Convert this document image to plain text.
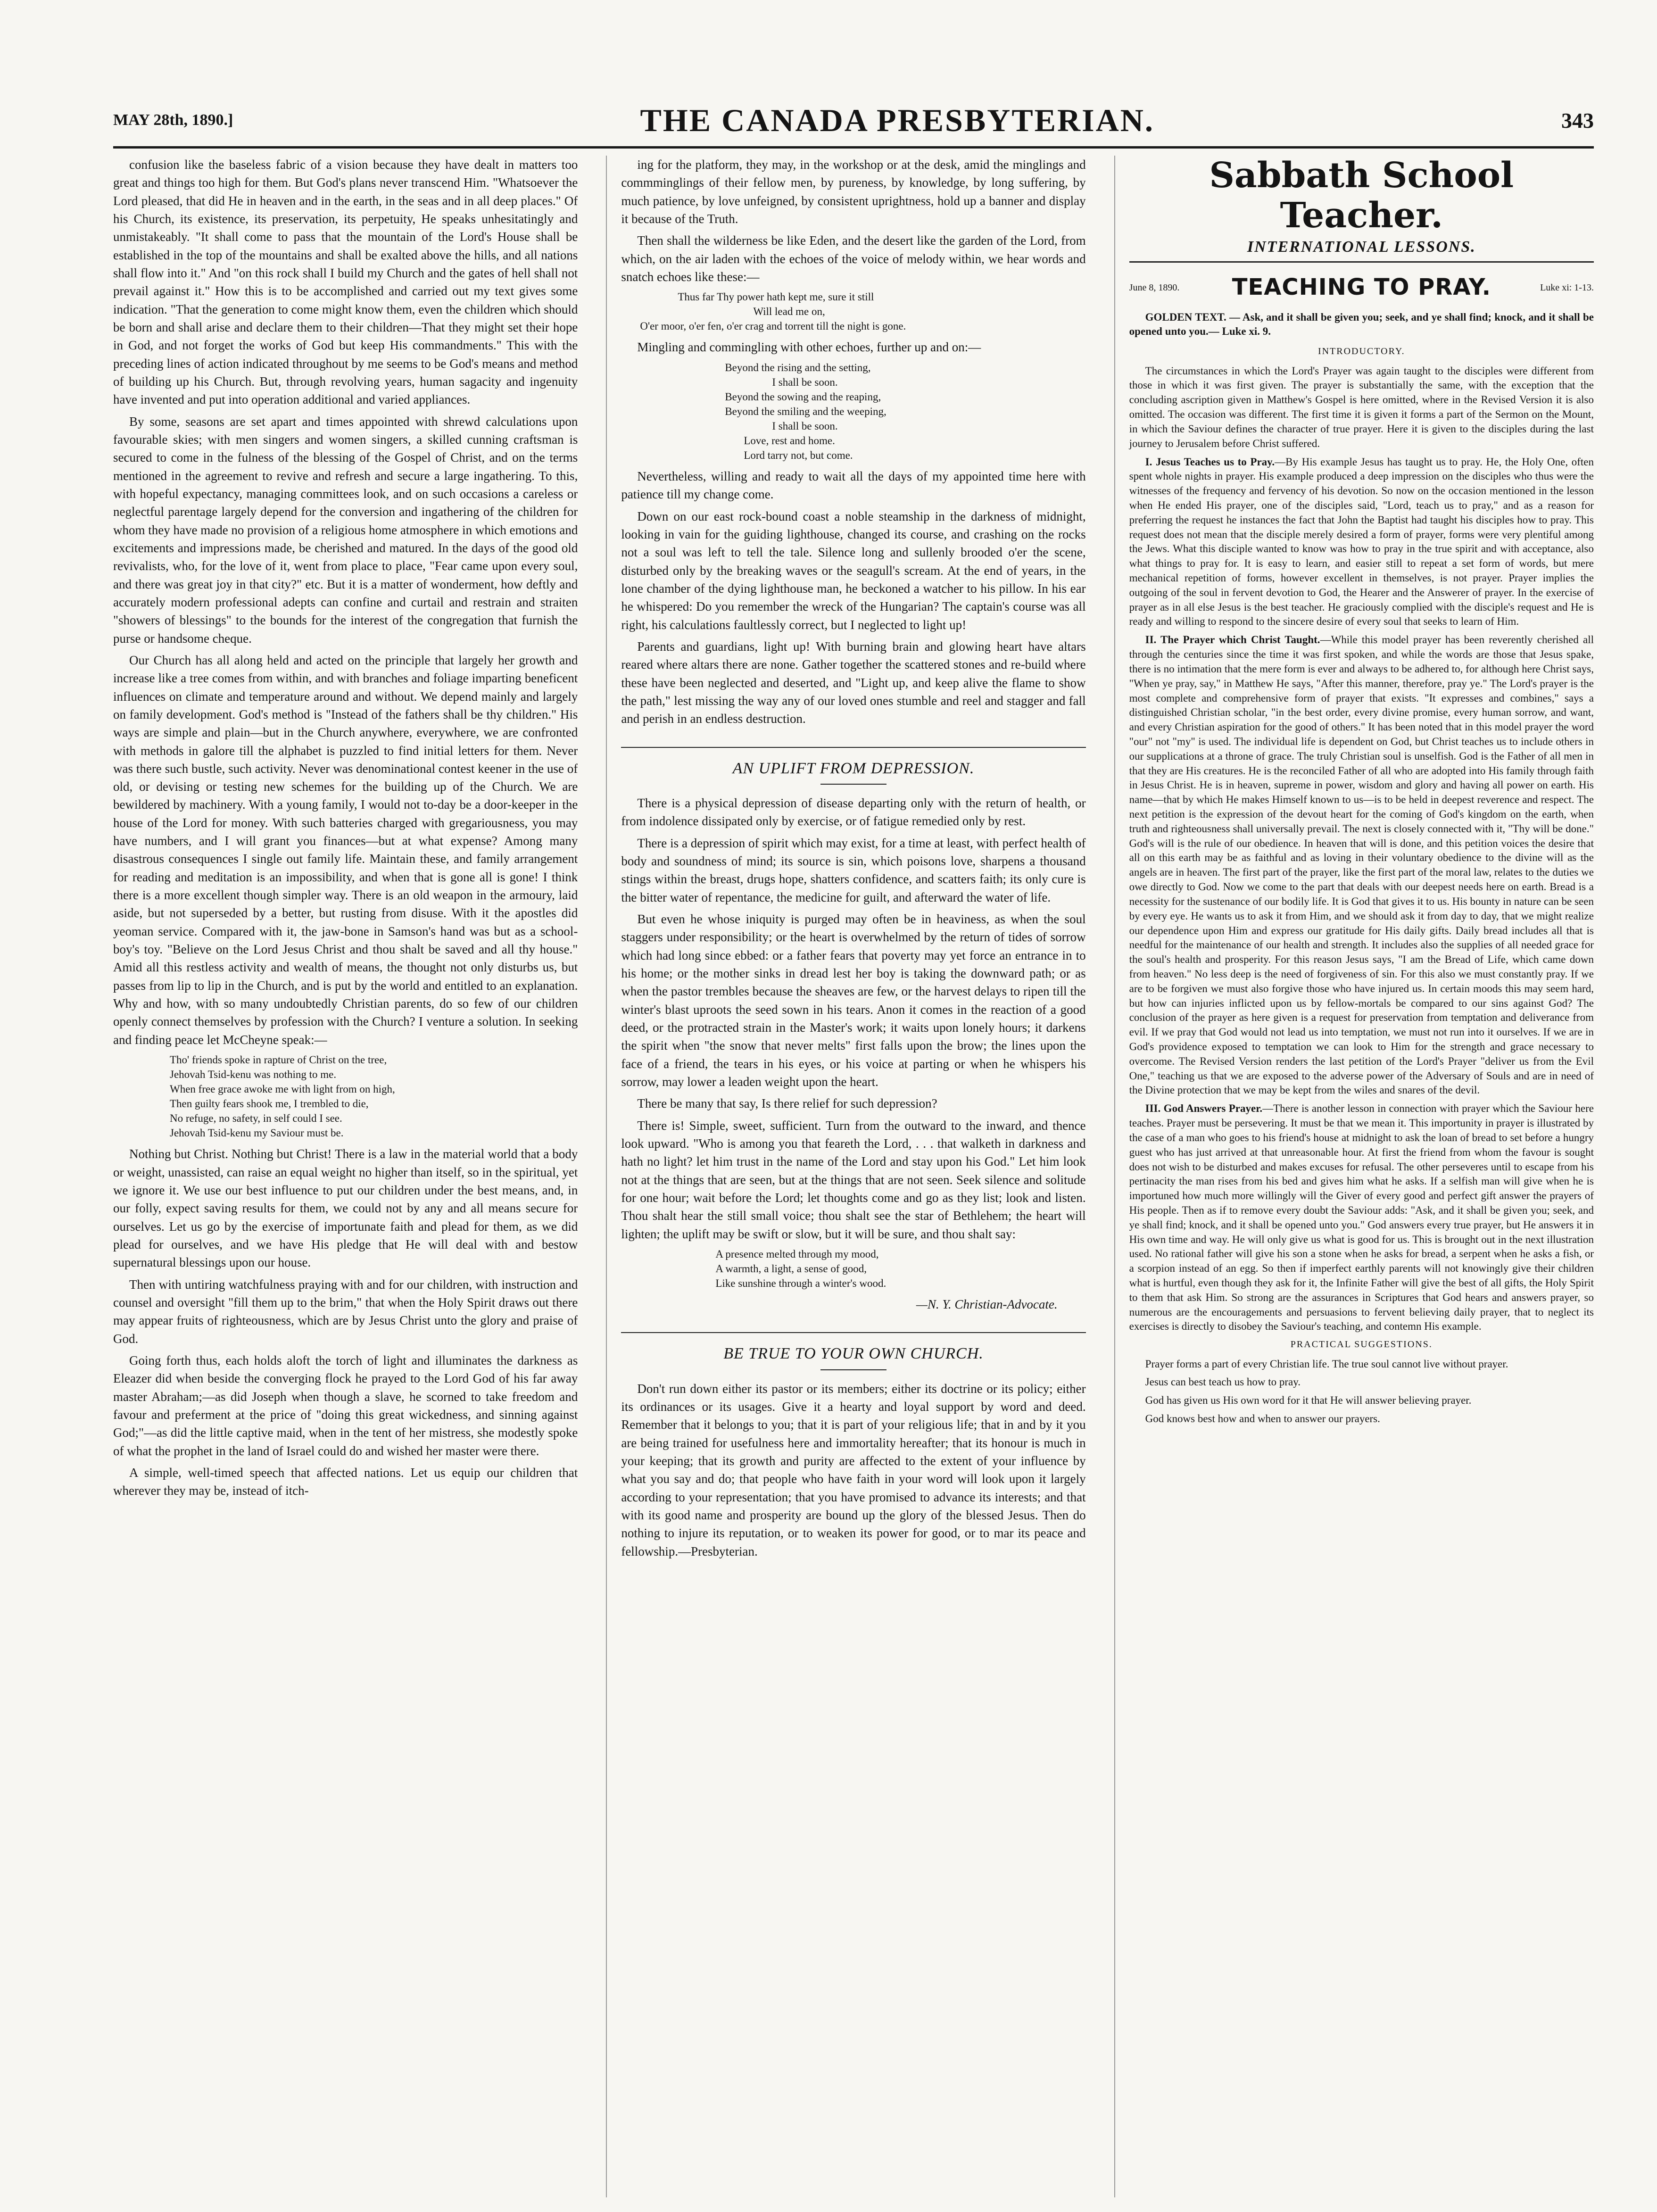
MAY 28th, 1890.]	THE CANADA PRESBYTERIAN.	343

confusion like the baseless fabric of a vision because they have dealt in matters too great and things too high for them. But God's plans never transcend Him. "Whatsoever the Lord pleased, that did He in heaven and in the earth, in the seas and in all deep places." Of his Church, its existence, its preservation, its perpetuity, He speaks unhesitatingly and unmistakeably. "It shall come to pass that the mountain of the Lord's House shall be established in the top of the mountains and shall be exalted above the hills, and all nations shall flow into it." And "on this rock shall I build my Church and the gates of hell shall not prevail against it." How this is to be accomplished and carried out my text gives some indication. "That the generation to come might know them, even the children which should be born and shall arise and declare them to their children—That they might set their hope in God, and not forget the works of God but keep His commandments." This with the preceding lines of action indicated throughout by me seems to be God's means and method of building up his Church. But, through revolving years, human sagacity and ingenuity have invented and put into operation additional and varied appliances.

By some, seasons are set apart and times appointed with shrewd calculations upon favourable skies; with men singers and women singers, a skilled cunning craftsman is secured to come in the fulness of the blessing of the Gospel of Christ, and on the terms mentioned in the agreement to revive and refresh and secure a large ingathering. To this, with hopeful expectancy, managing committees look, and on such occasions a careless or neglectful parentage largely depend for the conversion and ingathering of the children for whom they have made no provision of a religious home atmosphere in which emotions and excitements and impressions made, be cherished and matured. In the days of the good old revivalists, who, for the love of it, went from place to place, "Fear came upon every soul, and there was great joy in that city?" etc. But it is a matter of wonderment, how deftly and accurately modern professional adepts can confine and curtail and restrain and straiten "showers of blessings" to the bounds for the interest of the congregation that furnish the purse or handsome cheque.

Our Church has all along held and acted on the principle that largely her growth and increase like a tree comes from within, and with branches and foliage imparting beneficent influences on climate and temperature around and without. We depend mainly and largely on family development. God's method is "Instead of the fathers shall be thy children." His ways are simple and plain—but in the Church anywhere, everywhere, we are confronted with methods in galore till the alphabet is puzzled to find initial letters for them. Never was there such bustle, such activity. Never was denominational contest keener in the use of old, or devising or testing new schemes for the building up of the Church. We are bewildered by machinery. With a young family, I would not to-day be a door-keeper in the house of the Lord for money. With such batteries charged with gregariousness, you may have numbers, and I will grant you finances—but at what expense? Among many disastrous consequences I single out family life. Maintain these, and family arrangement for reading and meditation is an impossibility, and when that is gone all is gone! I think there is a more excellent though simpler way. There is an old weapon in the armoury, laid aside, but not superseded by a better, but rusting from disuse. With it the apostles did yeoman service. Compared with it, the jaw-bone in Samson's hand was but as a school-boy's toy. "Believe on the Lord Jesus Christ and thou shalt be saved and all thy house." Amid all this restless activity and wealth of means, the thought not only disturbs us, but passes from lip to lip in the Church, and is put by the world and entitled to an explanation. Why and how, with so many undoubtedly Christian parents, do so few of our children openly connect themselves by profession with the Church? I venture a solution. In seeking and finding peace let McCheyne speak:—

Tho' friends spoke in rapture of Christ on the tree,
Jehovah Tsid-kenu was nothing to me.
When free grace awoke me with light from on high,
Then guilty fears shook me, I trembled to die,
No refuge, no safety, in self could I see.
Jehovah Tsid-kenu my Saviour must be.

Nothing but Christ. Nothing but Christ! There is a law in the material world that a body or weight, unassisted, can raise an equal weight no higher than itself, so in the spiritual, yet we ignore it. We use our best influence to put our children under the best means, and, in our folly, expect saving results for them, we could not by any and all means secure for ourselves. Let us go by the exercise of importunate faith and plead for them, as we did plead for ourselves, and we have His pledge that He will deal with and bestow supernatural blessings upon our house.

Then with untiring watchfulness praying with and for our children, with instruction and counsel and oversight "fill them up to the brim," that when the Holy Spirit draws out there may appear fruits of righteousness, which are by Jesus Christ unto the glory and praise of God.

Going forth thus, each holds aloft the torch of light and illuminates the darkness as Eleazer did when beside the converging flock he prayed to the Lord God of his far away master Abraham;—as did Joseph when though a slave, he scorned to take freedom and favour and preferment at the price of "doing this great wickedness, and sinning against God;"—as did the little captive maid, when in the tent of her mistress, she modestly spoke of what the prophet in the land of Israel could do and wished her master were there.

A simple, well-timed speech that affected nations. Let us equip our children that wherever they may be, instead of itch-

ing for the platform, they may, in the workshop or at the desk, amid the minglings and commminglings of their fellow men, by pureness, by knowledge, by long suffering, by much patience, by love unfeigned, by consistent uprightness, hold up a banner and display it because of the Truth.

Then shall the wilderness be like Eden, and the desert like the garden of the Lord, from which, on the air laden with the echoes of the voice of melody within, we hear words and snatch echoes like these:—

Thus far Thy power hath kept me, sure it still
Will lead me on,
O'er moor, o'er fen, o'er crag and torrent till the night is gone.

Mingling and commingling with other echoes, further up and on:—

Beyond the rising and the setting,
I shall be soon.
Beyond the sowing and the reaping,
Beyond the smiling and the weeping,
I shall be soon.
Love, rest and home.
Lord tarry not, but come.

Nevertheless, willing and ready to wait all the days of my appointed time here with patience till my change come.

Down on our east rock-bound coast a noble steamship in the darkness of midnight, looking in vain for the guiding lighthouse, changed its course, and crashing on the rocks not a soul was left to tell the tale. Silence long and sullenly brooded o'er the scene, disturbed only by the breaking waves or the seagull's scream. At the end of years, in the lone chamber of the dying lighthouse man, he beckoned a watcher to his pillow. In his ear he whispered: Do you remember the wreck of the Hungarian? The captain's course was all right, his calculations faultlessly correct, but I neglected to light up!

Parents and guardians, light up! With burning brain and glowing heart have altars reared where altars there are none. Gather together the scattered stones and re-build where these have been neglected and deserted, and "Light up, and keep alive the flame to show the path," lest missing the way any of our loved ones stumble and reel and stagger and fall and perish in an endless destruction.

AN UPLIFT FROM DEPRESSION.

There is a physical depression of disease departing only with the return of health, or from indolence dissipated only by exercise, or of fatigue remedied only by rest.

There is a depression of spirit which may exist, for a time at least, with perfect health of body and soundness of mind; its source is sin, which poisons love, sharpens a thousand stings within the breast, drugs hope, shatters confidence, and scatters faith; its only cure is the bitter water of repentance, the medicine for guilt, and afterward the water of life.

But even he whose iniquity is purged may often be in heaviness, as when the soul staggers under responsibility; or the heart is overwhelmed by the return of tides of sorrow which had long since ebbed: or a father fears that poverty may yet force an entrance in to his home; or the mother sinks in dread lest her boy is taking the downward path; or as when the pastor trembles because the sheaves are few, or the harvest delays to ripen till the winter's blast uproots the seed sown in his tears. Anon it comes in the reaction of a good deed, or the protracted strain in the Master's work; it waits upon lonely hours; it darkens the spirit when "the snow that never melts" first falls upon the brow; the lines upon the face of a friend, the tears in his eyes, or his voice at parting or when he whispers his sorrow, may lower a leaden weight upon the heart.

There be many that say, Is there relief for such depression?

There is! Simple, sweet, sufficient. Turn from the outward to the inward, and thence look upward. "Who is among you that feareth the Lord, . . . that walketh in darkness and hath no light? let him trust in the name of the Lord and stay upon his God." Let him look not at the things that are seen, but at the things that are not seen. Seek silence and solitude for one hour; wait before the Lord; let thoughts come and go as they list; look and listen. Thou shalt hear the still small voice; thou shalt see the star of Bethlehem; the heart will lighten; the uplift may be swift or slow, but it will be sure, and thou shalt say:

A presence melted through my mood,
A warmth, a light, a sense of good,
Like sunshine through a winter's wood.
—N. Y. Christian-Advocate.
BE TRUE TO YOUR OWN CHURCH.

Don't run down either its pastor or its members; either its doctrine or its policy; either its ordinances or its usages. Give it a hearty and loyal support by word and deed. Remember that it belongs to you; that it is part of your religious life; that in and by it you are being trained for usefulness here and immortality hereafter; that its honour is much in your keeping; that its growth and purity are affected to the extent of your influence by what you say and do; that people who have faith in your word will look upon it largely according to your representation; that you have promised to advance its interests; and that with its good name and prosperity are bound up the glory of the blessed Jesus. Then do nothing to injure its reputation, or to weaken its power for good, or to mar its peace and fellowship.—Presbyterian.

Sabbath School Teacher.
INTERNATIONAL LESSONS.
June 8, 1890.	TEACHING TO PRAY.	Luke xi: 1-13.

GOLDEN TEXT. — Ask, and it shall be given you; seek, and ye shall find; knock, and it shall be opened unto you.— Luke xi. 9.

INTRODUCTORY.

The circumstances in which the Lord's Prayer was again taught to the disciples were different from those in which it was first given. The prayer is substantially the same, with the exception that the concluding ascription given in Matthew's Gospel is here omitted, where in the Revised Version it is also omitted. The occasion was different. The first time it is given it forms a part of the Sermon on the Mount, in which the Saviour defines the character of true prayer. Here it is given to the disciples during the last journey to Jerusalem before Christ suffered.

I. Jesus Teaches us to Pray.—By His example Jesus has taught us to pray. He, the Holy One, often spent whole nights in prayer. His example produced a deep impression on the disciples who thus were the witnesses of the frequency and fervency of his devotion. So now on the occasion mentioned in the lesson when He ended His prayer, one of the disciples said, "Lord, teach us to pray," and as a reason for preferring the request he instances the fact that John the Baptist had taught his disciples how to pray. This request does not mean that the disciple merely desired a form of prayer, forms were very plentiful among the Jews. What this disciple wanted to know was how to pray in the true spirit and with acceptance, also what things to pray for. It is easy to learn, and easier still to repeat a set form of words, but mere mechanical repetition of forms, however excellent in themselves, is not prayer. Prayer implies the outgoing of the soul in fervent devotion to God, the Hearer and the Answerer of prayer. In the exercise of prayer as in all else Jesus is the best teacher. He graciously complied with the disciple's request and He is ready and willing to respond to the sincere desire of every soul that seeks to learn of Him.

II. The Prayer which Christ Taught.—While this model prayer has been reverently cherished all through the centuries since the time it was first spoken, and while the words are those that Jesus spake, there is no intimation that the mere form is ever and always to be adhered to, for although here Christ says, "When ye pray, say," in Matthew He says, "After this manner, therefore, pray ye." The Lord's prayer is the most complete and comprehensive form of prayer that exists. "It expresses and combines," says a distinguished Christian scholar, "in the best order, every divine promise, every human sorrow, and want, and every Christian aspiration for the good of others." It has been noted that in this model prayer the word "our" not "my" is used. The individual life is dependent on God, but Christ teaches us to include others in our supplications at a throne of grace. The truly Christian soul is unselfish. God is the Father of all men in that they are His creatures. He is the reconciled Father of all who are adopted into His family through faith in Jesus Christ. He is in heaven, supreme in power, wisdom and glory and having all power on earth. His name—that by which He makes Himself known to us—is to be held in deepest reverence and respect. The next petition is the expression of the devout heart for the coming of God's kingdom on the earth, when truth and righteousness shall universally prevail. The next is closely connected with it, "Thy will be done." God's will is the rule of our obedience. In heaven that will is done, and this petition voices the desire that all on this earth may be as faithful and as loving in their voluntary obedience to the divine will as the angels are in heaven. The first part of the prayer, like the first part of the moral law, relates to the duties we owe directly to God. Now we come to the part that deals with our deepest needs here on earth. Bread is a necessity for the sustenance of our bodily life. It is God that gives it to us. His bounty in nature can be seen by every eye. He wants us to ask it from Him, and we should ask it from day to day, that we might realize our dependence upon Him and express our gratitude for His daily gifts. Daily bread includes all that is needful for the maintenance of our health and strength. It includes also the supplies of all needed grace for the soul's health and prosperity. For this reason Jesus says, "I am the Bread of Life, which came down from heaven." No less deep is the need of forgiveness of sin. For this also we must constantly pray. If we are to be forgiven we must also forgive those who have injured us. In certain moods this may seem hard, but how can injuries inflicted upon us by fellow-mortals be compared to our sins against God? The conclusion of the prayer as here given is a request for preservation from temptation and deliverance from evil. If we pray that God would not lead us into temptation, we must not run into it ourselves. If we are in God's providence exposed to temptation we can look to Him for the strength and grace necessary to overcome. The Revised Version renders the last petition of the Lord's Prayer "deliver us from the Evil One," teaching us that we are exposed to the adverse power of the Adversary of Souls and are in need of the Divine protection that we may be kept from the wiles and snares of the devil.

III. God Answers Prayer.—There is another lesson in connection with prayer which the Saviour here teaches. Prayer must be persevering. It must be that we mean it. This importunity in prayer is illustrated by the case of a man who goes to his friend's house at midnight to ask the loan of bread to set before a hungry guest who has just arrived at that unreasonable hour. At first the friend from whom the favour is sought does not wish to be disturbed and makes excuses for refusal. The other perseveres until to escape from his pertinacity the man rises from his bed and gives him what he asks. If a selfish man will give when he is importuned how much more willingly will the Giver of every good and perfect gift answer the prayers of His people. Then as if to remove every doubt the Saviour adds: "Ask, and it shall be given you; seek, and ye shall find; knock, and it shall be opened unto you." God answers every true prayer, but He answers it in His own time and way. He will only give us what is good for us. This is brought out in the next illustration used. No rational father will give his son a stone when he asks for bread, a serpent when he asks a fish, or a scorpion instead of an egg. So then if imperfect earthly parents will not knowingly give their children what is hurtful, even though they ask for it, the Infinite Father will give the best of all gifts, the Holy Spirit to them that ask Him. So strong are the assurances in Scriptures that God hears and answers prayer, so numerous are the encouragements and persuasions to fervent believing daily prayer, that to neglect its exercises is directly to disobey the Saviour's teaching, and contemn His example.

PRACTICAL SUGGESTIONS.

Prayer forms a part of every Christian life. The true soul cannot live without prayer.

Jesus can best teach us how to pray.

God has given us His own word for it that He will answer believing prayer.

God knows best how and when to answer our prayers.
